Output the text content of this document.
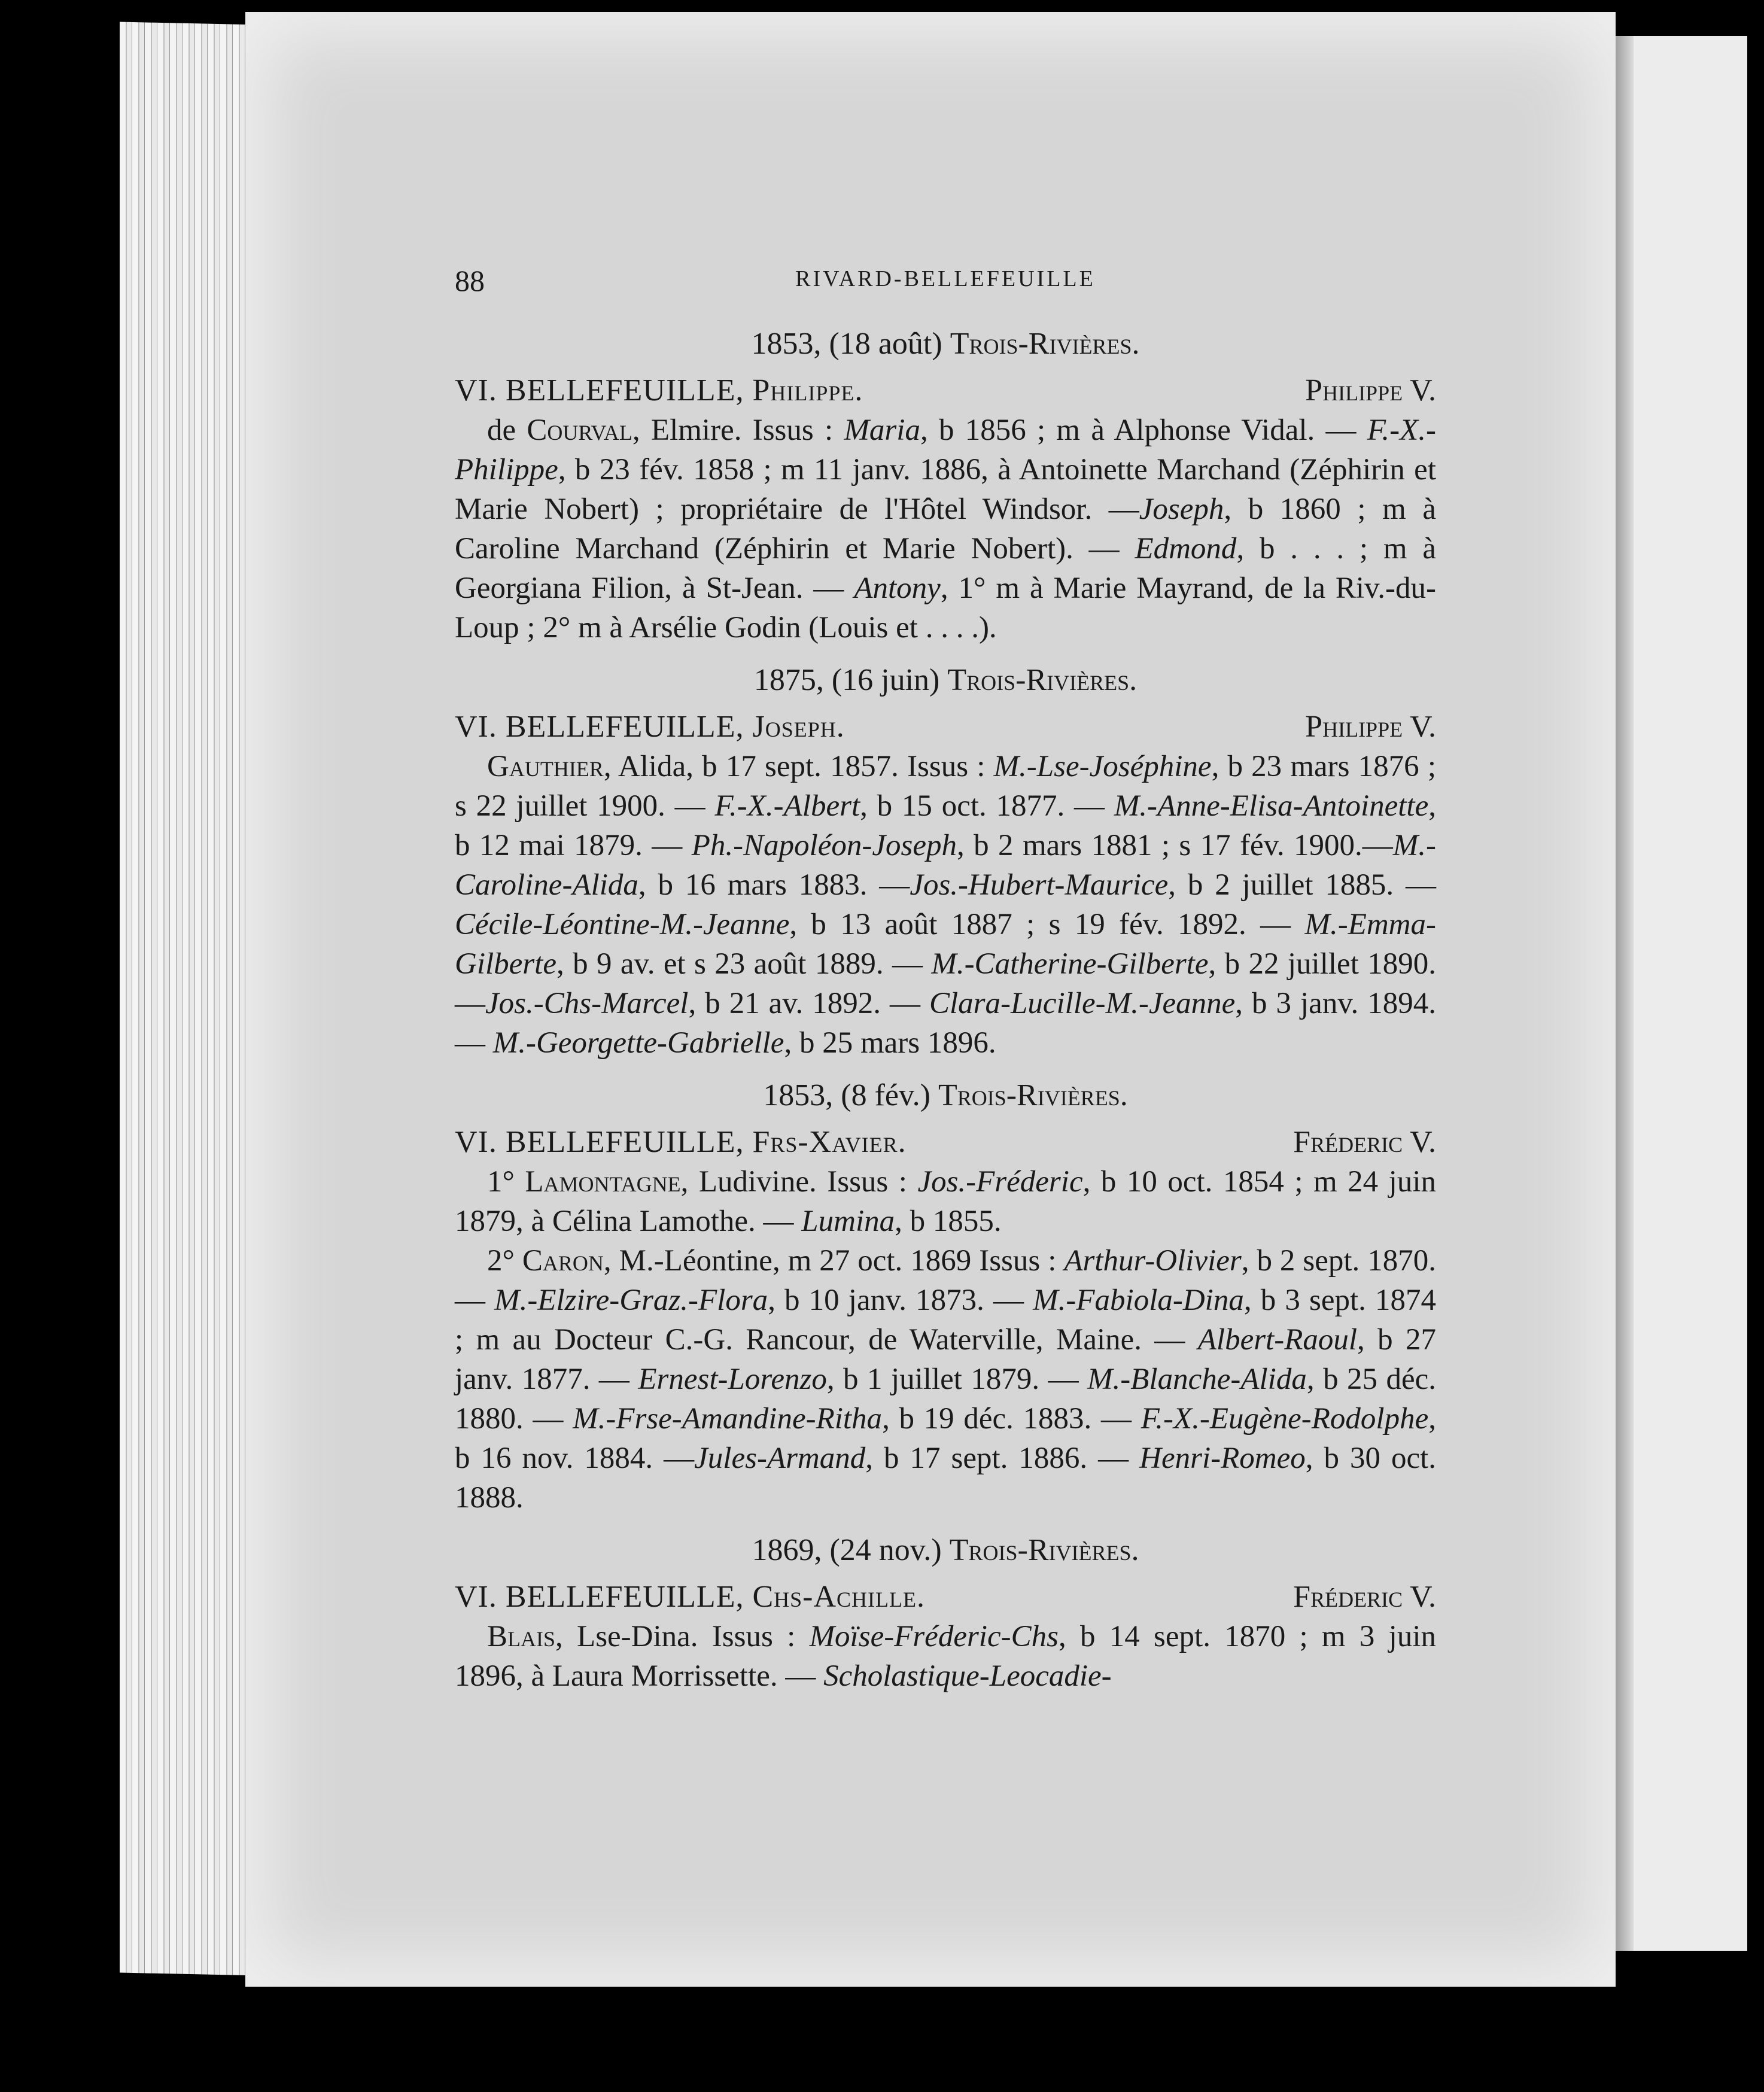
88	RIVARD-BELLEFEUILLE
1853, (18 août) Trois-Rivières.
VI. BELLEFEUILLE, Philippe.	Philippe V.

de Courval, Elmire. Issus : Maria, b 1856 ; m à Alphonse Vidal. — F.-X.-Philippe, b 23 fév. 1858 ; m 11 janv. 1886, à Antoinette Marchand (Zéphirin et Marie Nobert) ; propriétaire de l'Hôtel Windsor. —Joseph, b 1860 ; m à Caroline Marchand (Zéphirin et Marie Nobert). — Edmond, b . . . ; m à Georgiana Filion, à St-Jean. — Antony, 1° m à Marie Mayrand, de la Riv.-du-Loup ; 2° m à Arsélie Godin (Louis et . . . .).

1875, (16 juin) Trois-Rivières.
VI. BELLEFEUILLE, Joseph.	Philippe V.

Gauthier, Alida, b 17 sept. 1857. Issus : M.-Lse-Joséphine, b 23 mars 1876 ; s 22 juillet 1900. — F.-X.-Albert, b 15 oct. 1877. — M.-Anne-Elisa-Antoinette, b 12 mai 1879. — Ph.-Napoléon-Joseph, b 2 mars 1881 ; s 17 fév. 1900.—M.-Caroline-Alida, b 16 mars 1883. —Jos.-Hubert-Maurice, b 2 juillet 1885. — Cécile-Léontine-M.-Jeanne, b 13 août 1887 ; s 19 fév. 1892. — M.-Emma-Gilberte, b 9 av. et s 23 août 1889. — M.-Catherine-Gilberte, b 22 juillet 1890. —Jos.-Chs-Marcel, b 21 av. 1892. — Clara-Lucille-M.-Jeanne, b 3 janv. 1894. — M.-Georgette-Gabrielle, b 25 mars 1896.

1853, (8 fév.) Trois-Rivières.
VI. BELLEFEUILLE, Frs-Xavier.	Fréderic V.

1° Lamontagne, Ludivine. Issus : Jos.-Fréderic, b 10 oct. 1854 ; m 24 juin 1879, à Célina Lamothe. — Lumina, b 1855.

2° Caron, M.-Léontine, m 27 oct. 1869 Issus : Arthur-Olivier, b 2 sept. 1870. — M.-Elzire-Graz.-Flora, b 10 janv. 1873. — M.-Fabiola-Dina, b 3 sept. 1874 ; m au Docteur C.-G. Rancour, de Waterville, Maine. — Albert-Raoul, b 27 janv. 1877. — Ernest-Lorenzo, b 1 juillet 1879. — M.-Blanche-Alida, b 25 déc. 1880. — M.-Frse-Amandine-Ritha, b 19 déc. 1883. — F.-X.-Eugène-Rodolphe, b 16 nov. 1884. —Jules-Armand, b 17 sept. 1886. — Henri-Romeo, b 30 oct. 1888.

1869, (24 nov.) Trois-Rivières.
VI. BELLEFEUILLE, Chs-Achille.	Fréderic V.

Blais, Lse-Dina. Issus : Moïse-Fréderic-Chs, b 14 sept. 1870 ; m 3 juin 1896, à Laura Morrissette. — Scholastique-Leocadie-
